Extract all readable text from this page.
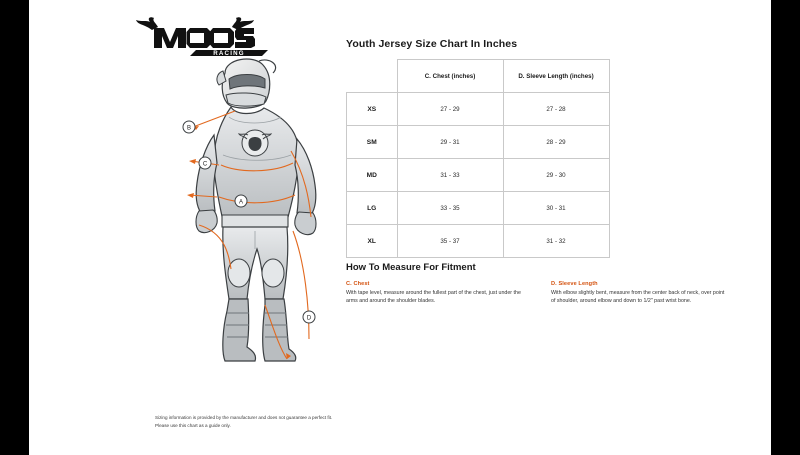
RACING
B
C
A
D
Youth Jersey Size Chart In Inches
	C. Chest (inches)	D. Sleeve Length (inches)
XS	27 - 29	27 - 28
SM	29 - 31	28 - 29
MD	31 - 33	29 - 30
LG	33 - 35	30 - 31
XL	35 - 37	31 - 32
How To Measure For Fitment
C. Chest

With tape level, measure around the fullest part of the chest, just under the arms and around the shoulder blades.

D. Sleeve Length

With elbow slightly bent, measure from the center back of neck, over point of shoulder, around elbow and down to 1/2" past wrist bone.

Sizing information is provided by the manufacturer and does not guarantee a perfect fit.

Please use this chart as a guide only.
